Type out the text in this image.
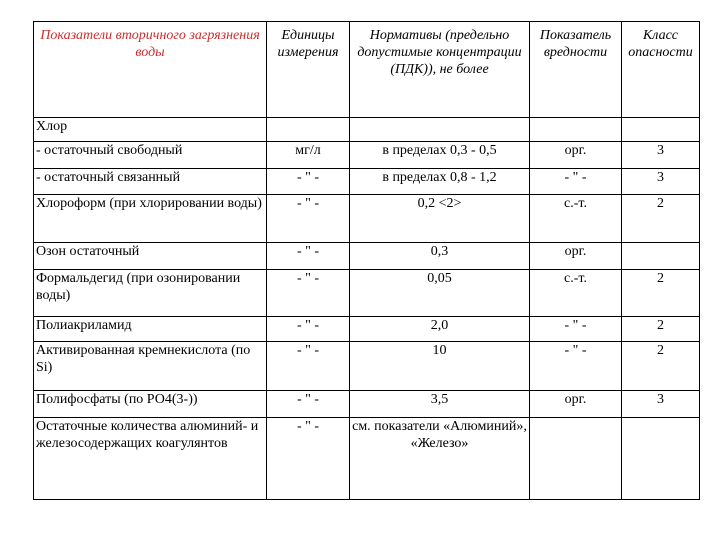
Показатели вторичного загрязнения воды	Единицы измерения	Нормативы (предельно допустимые концентрации (ПДК)), не более	Показатель вредности	Класс опасности
Хлор				
- остаточный свободный	мг/л	в пределах 0,3 - 0,5	орг.	3
- остаточный связанный	- " -	в пределах 0,8 - 1,2	- " -	3
Хлороформ (при хлорировании воды)	- " -	0,2 <2>	с.-т.	2
Озон остаточный	- " -	0,3	орг.	
Формальдегид (при озонировании воды)	- " -	0,05	с.-т.	2
Полиакриламид	- " -	2,0	- " -	2
Активированная кремнекислота (по Si)	- " -	10	- " -	2
Полифосфаты (по РО4(3-))	- " -	3,5	орг.	3
Остаточные количества алюминий- и железосодержащих коагулянтов	- " -	см. показатели «Алюминий», «Железо»		
